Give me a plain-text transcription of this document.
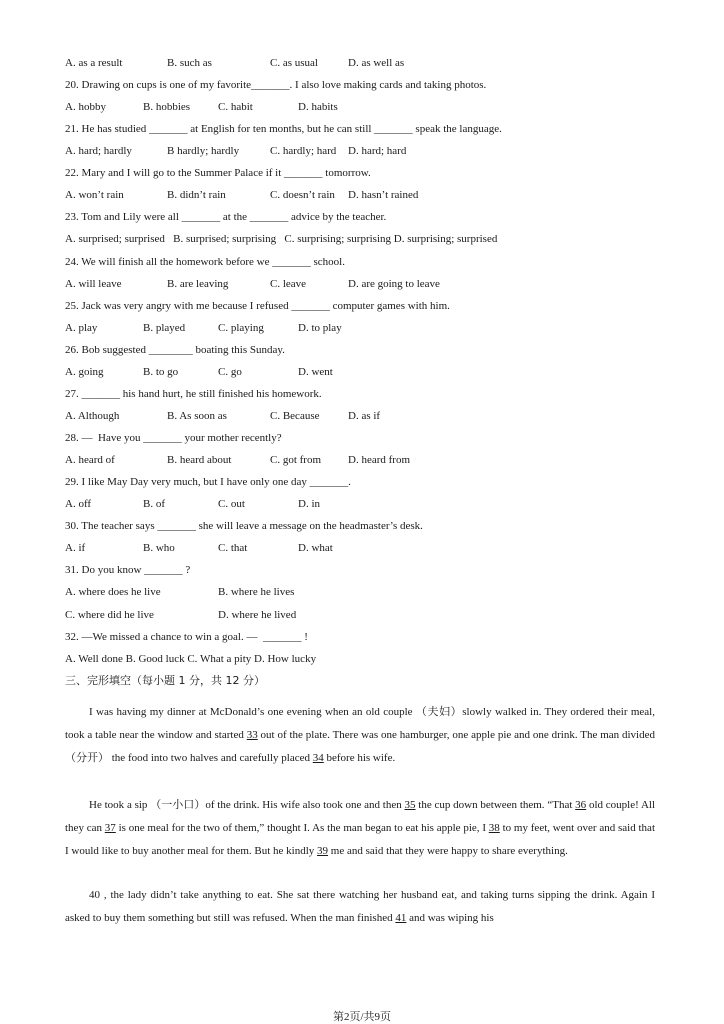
A. as a result	B. such as	C. as usual	D. as well as
20. Drawing on cups is one of my favorite_______. I also love making cards and taking photos.
A. hobby	B. hobbies	C. habit	D. habits
21. He has studied _______ at English for ten months, but he can still _______ speak the language.
A. hard; hardly	B hardly; hardly	C. hardly; hard D. hard; hard
22. Mary and I will go to the Summer Palace if it _______ tomorrow.
A. won’t rain	B. didn’t rain	C. doesn’t rain D. hasn’t rained
23. Tom and Lily were all _______ at the _______ advice by the teacher.
A. surprised; surprised   B. surprised; surprising   C. surprising; surprising D. surprising; surprised
24. We will finish all the homework before we _______ school.
A. will leave	B. are leaving	C. leave	D. are going to leave
25. Jack was very angry with me because I refused _______ computer games with him.
A. play	B. played	C. playing	D. to play
26. Bob suggested ________ boating this Sunday.
A. going	B. to go	C. go	D. went
27. _______ his hand hurt, he still finished his homework.
A. Although	B. As soon as	C. Because	D. as if
28. —  Have you _______ your mother recently?
A. heard of	B. heard about	C. got from D. heard from
29. I like May Day very much, but I have only one day _______.
A. off	B. of	C. out	D. in
30. The teacher says _______ she will leave a message on the headmaster’s desk.
A. if	B. who	C. that	D. what
31. Do you know _______ ?
A. where does he live	B. where he lives
C. where did he live	D. where he lived
32. —We missed a chance to win a goal. —  _______ !
A. Well done B. Good luck C. What a pity D. How lucky
三、完形填空（每小题 1 分，共 12 分）
I was having my dinner at McDonald’s one evening when an old couple （夫妇）slowly walked in. They ordered their meal, took a table near the window and started 33 out of the plate. There was one hamburger, one apple pie and one drink. The man divided（分开） the food into two halves and carefully placed 34 before his wife.
He took a sip （一小口）of the drink. His wife also took one and then 35 the cup down between them. “That 36 old couple! All they can 37 is one meal for the two of them,” thought I. As the man began to eat his apple pie, I 38 to my feet, went over and said that I would like to buy another meal for them. But he kindly 39 me and said that they were happy to share everything.
40 , the lady didn’t take anything to eat. She sat there watching her husband eat, and taking turns sipping the drink. Again I asked to buy them something but still was refused. When the man finished 41 and was wiping his
第2页/共9页
